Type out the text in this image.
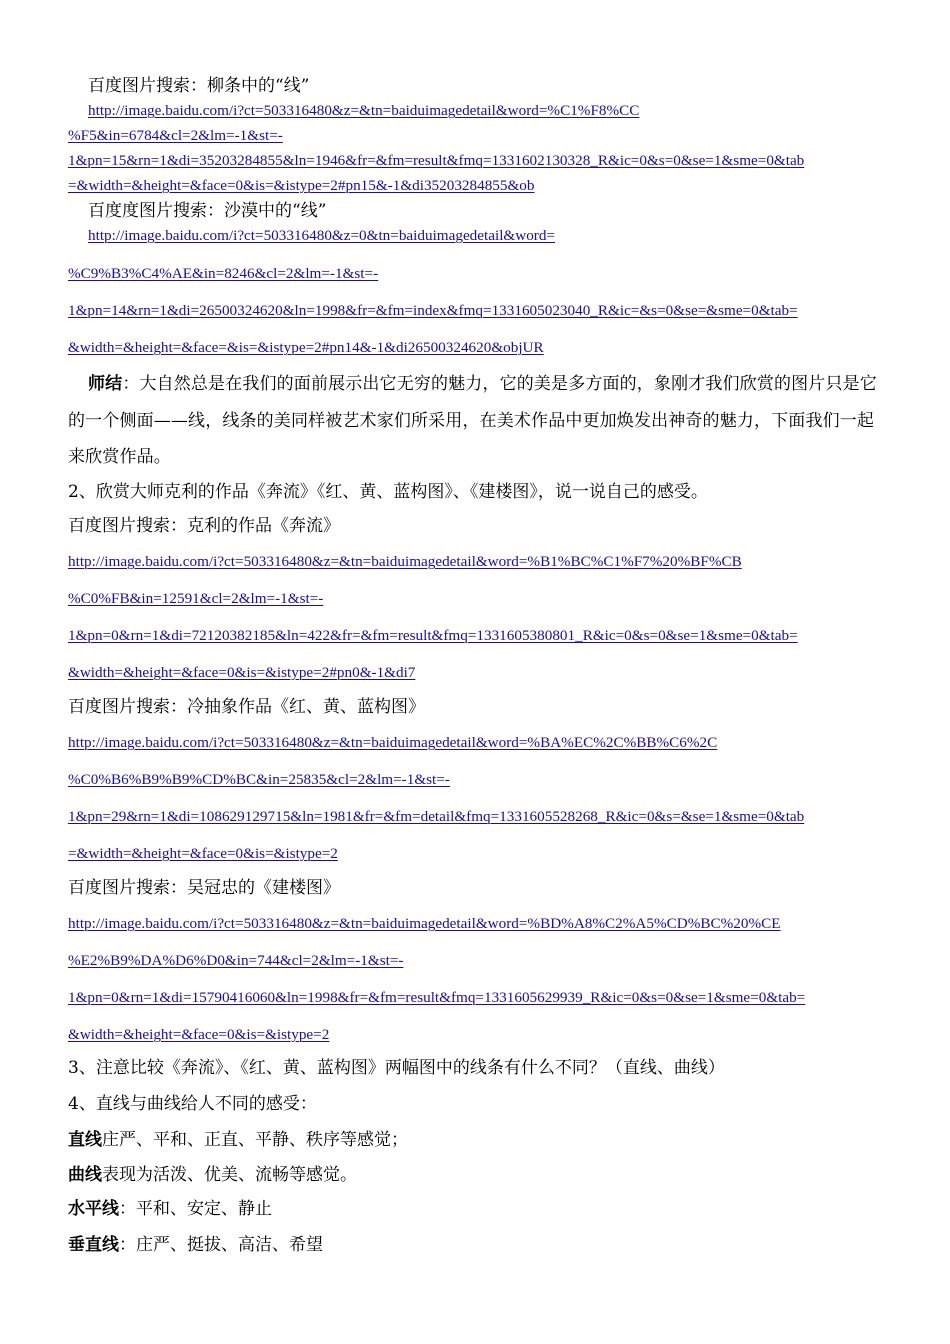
百度图片搜索：柳条中的“线”
http://image.baidu.com/i?ct=503316480&z=&tn=baiduimagedetail&word=%C1%F8%CC
%F5&in=6784&cl=2&lm=-1&st=-
1&pn=15&rn=1&di=35203284855&ln=1946&fr=&fm=result&fmq=1331602130328_R&ic=0&s=0&se=1&sme=0&tab
=&width=&height=&face=0&is=&istype=2#pn15&-1&di35203284855&ob
百度度图片搜索：沙漠中的“线”
http://image.baidu.com/i?ct=503316480&z=0&tn=baiduimagedetail&word=
%C9%B3%C4%AE&in=8246&cl=2&lm=-1&st=-
1&pn=14&rn=1&di=26500324620&ln=1998&fr=&fm=index&fmq=1331605023040_R&ic=&s=0&se=&sme=0&tab=
&width=&height=&face=&is=&istype=2#pn14&-1&di26500324620&objUR
师结：大自然总是在我们的面前展示出它无穷的魅力，它的美是多方面的，象刚才我们欣赏的图片只是它的一个侧面——线，线条的美同样被艺术家们所采用，在美术作品中更加焕发出神奇的魅力，下面我们一起来欣赏作品。
2、欣赏大师克利的作品《奔流》《红、黄、蓝构图》、《建楼图》，说一说自己的感受。
百度图片搜索：克利的作品《奔流》
http://image.baidu.com/i?ct=503316480&z=&tn=baiduimagedetail&word=%B1%BC%C1%F7%20%BF%CB
%C0%FB&in=12591&cl=2&lm=-1&st=-
1&pn=0&rn=1&di=72120382185&ln=422&fr=&fm=result&fmq=1331605380801_R&ic=0&s=0&se=1&sme=0&tab=
&width=&height=&face=0&is=&istype=2#pn0&-1&di7
百度图片搜索：冷抽象作品《红、黄、蓝构图》
http://image.baidu.com/i?ct=503316480&z=&tn=baiduimagedetail&word=%BA%EC%2C%BB%C6%2C
%C0%B6%B9%B9%CD%BC&in=25835&cl=2&lm=-1&st=-
1&pn=29&rn=1&di=108629129715&ln=1981&fr=&fm=detail&fmq=1331605528268_R&ic=0&s=&se=1&sme=0&tab
=&width=&height=&face=0&is=&istype=2
百度图片搜索：吴冠忠的《建楼图》
http://image.baidu.com/i?ct=503316480&z=&tn=baiduimagedetail&word=%BD%A8%C2%A5%CD%BC%20%CE
%E2%B9%DA%D6%D0&in=744&cl=2&lm=-1&st=-
1&pn=0&rn=1&di=15790416060&ln=1998&fr=&fm=result&fmq=1331605629939_R&ic=0&s=0&se=1&sme=0&tab=
&width=&height=&face=0&is=&istype=2
3、注意比较《奔流》、《红、黄、蓝构图》两幅图中的线条有什么不同？（直线、曲线）
4、直线与曲线给人不同的感受：
直线庄严、平和、正直、平静、秩序等感觉；
曲线表现为活泼、优美、流畅等感觉。
水平线：平和、安定、静止
垂直线：庄严、挺拔、高洁、希望
